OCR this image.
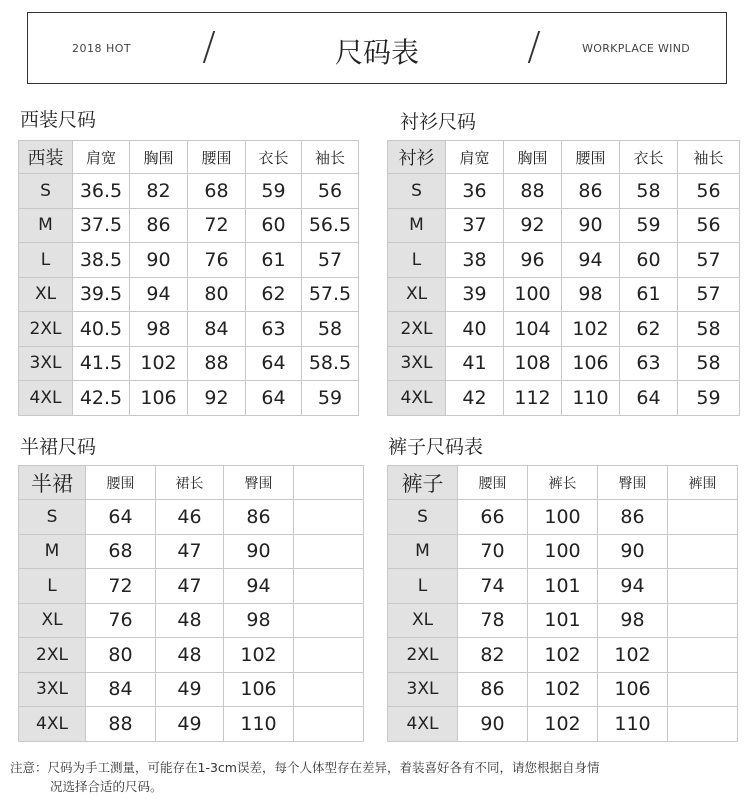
2018 HOT	尺码表	WORKPLACE WIND
西装尺码
西装	肩宽	胸围	腰围	衣长	袖长
S	36.5	82	68	59	56
M	37.5	86	72	60	56.5
L	38.5	90	76	61	57
XL	39.5	94	80	62	57.5
2XL	40.5	98	84	63	58
3XL	41.5	102	88	64	58.5
4XL	42.5	106	92	64	59
衬衫尺码
衬衫	肩宽	胸围	腰围	衣长	袖长
S	36	88	86	58	56
M	37	92	90	59	56
L	38	96	94	60	57
XL	39	100	98	61	57
2XL	40	104	102	62	58
3XL	41	108	106	63	58
4XL	42	112	110	64	59
半裙尺码
半裙	腰围	裙长	臀围	
S	64	46	86	
M	68	47	90	
L	72	47	94	
XL	76	48	98	
2XL	80	48	102	
3XL	84	49	106	
4XL	88	49	110	
裤子尺码表
裤子	腰围	裤长	臀围	裤围
S	66	100	86	
M	70	100	90	
L	74	101	94	
XL	78	101	98	
2XL	82	102	102	
3XL	86	102	106	
4XL	90	102	110	
注意：尺码为手工测量，可能存在1-3cm误差，每个人体型存在差异，着装喜好各有不同，请您根据自身情
况选择合适的尺码。
